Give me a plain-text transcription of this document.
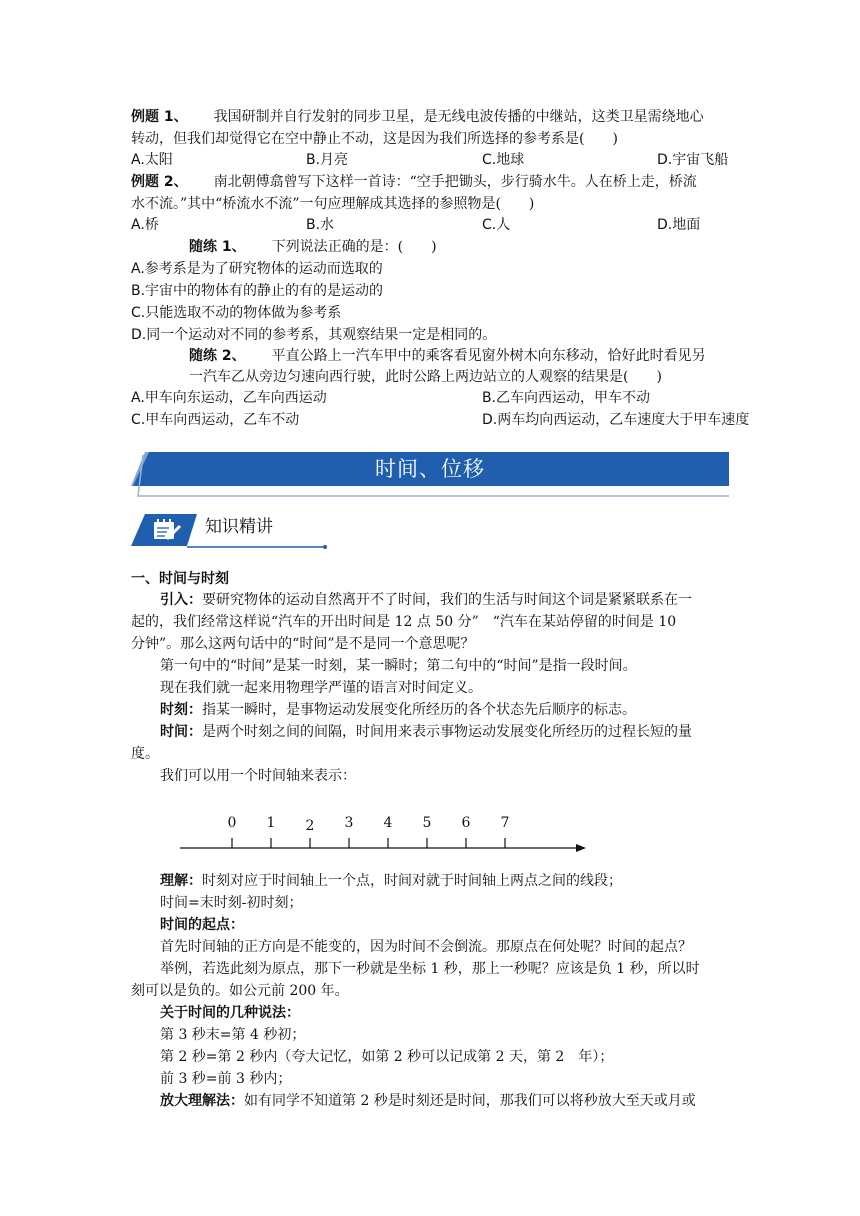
例题 1、 我国研制并自行发射的同步卫星，是无线电波传播的中继站，这类卫星需绕地心
转动，但我们却觉得它在空中静止不动，这是因为我们所选择的参考系是(　　)
A.太阳	B.月亮	C.地球	D.宇宙飞船
例题 2、 南北朝傅翕曾写下这样一首诗：“空手把锄头，步行骑水牛。人在桥上走，桥流
水不流。”其中“桥流水不流”一句应理解成其选择的参照物是(　　)
A.桥	B.水	C.人	D.地面
随练 1、 下列说法正确的是：(　　)
A.参考系是为了研究物体的运动而选取的
B.宇宙中的物体有的静止的有的是运动的
C.只能选取不动的物体做为参考系
D.同一个运动对不同的参考系，其观察结果一定是相同的。
随练 2、 平直公路上一汽车甲中的乘客看见窗外树木向东移动，恰好此时看见另
一汽车乙从旁边匀速向西行驶，此时公路上两边站立的人观察的结果是(　　)
A.甲车向东运动，乙车向西运动	B.乙车向西运动，甲车不动
C.甲车向西运动，乙车不动	D.两车均向西运动，乙车速度大于甲车速度
时间、位移
知识精讲
一、时间与时刻
引入：要研究物体的运动自然离开不了时间，我们的生活与时间这个词是紧紧联系在一
起的，我们经常这样说“汽车的开出时间是 12 点 50 分”　“汽车在某站停留的时间是 10
分钟”。那么这两句话中的“时间”是不是同一个意思呢？
第一句中的“时间”是某一时刻，某一瞬时；第二句中的“时间”是指一段时间。
现在我们就一起来用物理学严谨的语言对时间定义。
时刻：指某一瞬时，是事物运动发展变化所经历的各个状态先后顺序的标志。
时间：是两个时刻之间的间隔，时间用来表示事物运动发展变化所经历的过程长短的量
度。
我们可以用一个时间轴来表示：
0 1 2 3 4 5 6 7
理解：时刻对应于时间轴上一个点，时间对就于时间轴上两点之间的线段；
时间=末时刻-初时刻；
时间的起点：
首先时间轴的正方向是不能变的，因为时间不会倒流。那原点在何处呢？时间的起点？
举例，若选此刻为原点，那下一秒就是坐标 1 秒，那上一秒呢？应该是负 1 秒，所以时
刻可以是负的。如公元前 200 年。
关于时间的几种说法：
第 3 秒末=第 4 秒初；
第 2 秒=第 2 秒内（夸大记忆，如第 2 秒可以记成第 2 天，第 2　年）；
前 3 秒=前 3 秒内；
放大理解法：如有同学不知道第 2 秒是时刻还是时间，那我们可以将秒放大至天或月或
